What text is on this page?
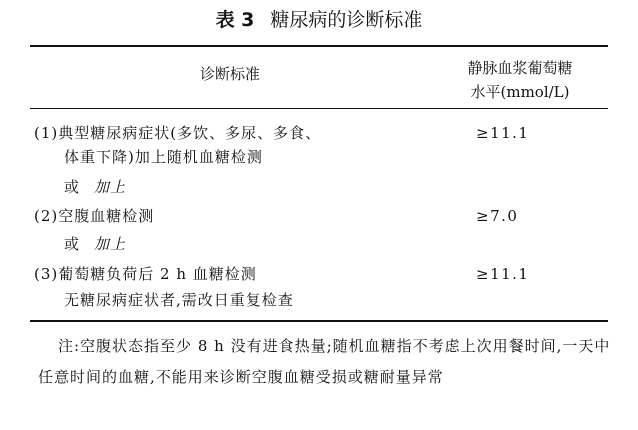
表 3 糖尿病的诊断标准
诊断标准	静脉血浆葡萄糖
水平(mmol/L)
(1)典型糖尿病症状(多饮、多尿、多食、	≥11.1
体重下降)加上随机血糖检测
或 加上
(2)空腹血糖检测	≥7.0
或 加上
(3)葡萄糖负荷后 2 h 血糖检测	≥11.1
无糖尿病症状者,需改日重复检查
注:空腹状态指至少 8 h 没有进食热量;随机血糖指不考虑上次用餐时间,一天中任意时间的血糖,不能用来诊断空腹血糖受损或糖耐量异常
